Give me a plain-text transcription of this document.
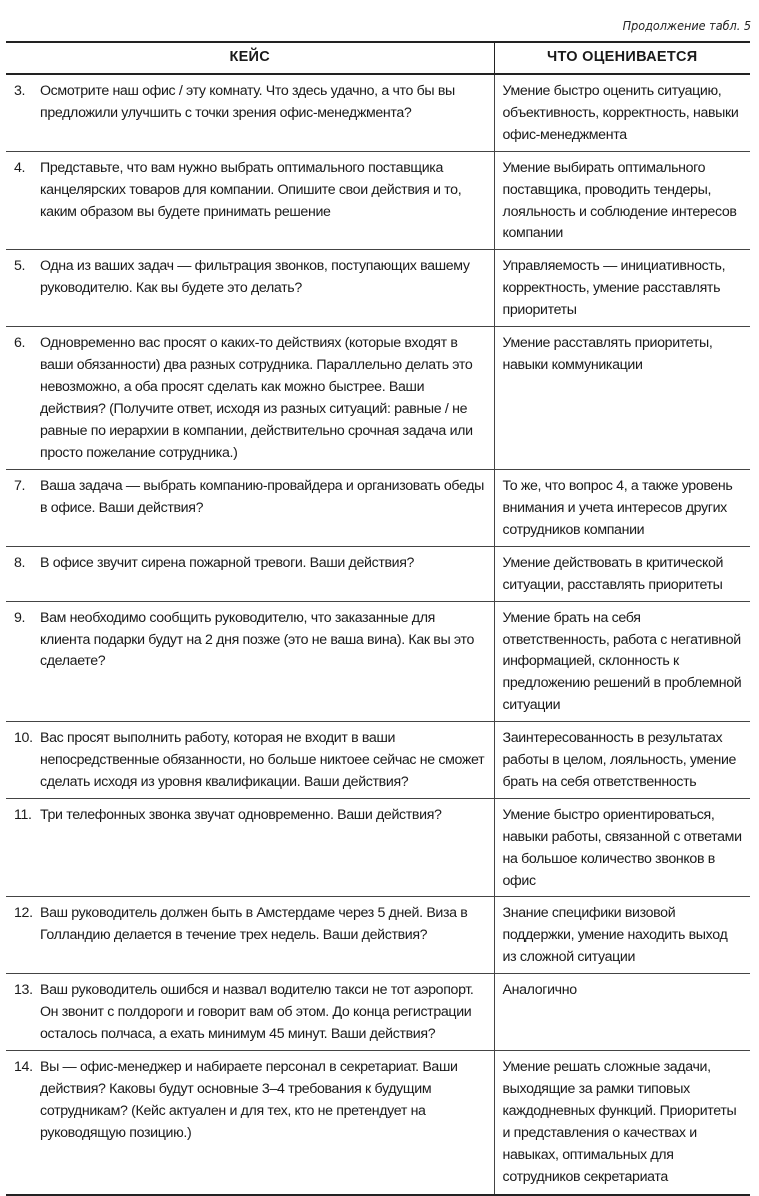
Продолжение табл. 5
КЕЙС	ЧТО ОЦЕНИВАЕТСЯ

3. Осмотрите наш офис / эту комнату. Что здесь удачно, а что бы вы предложили улучшить с точки зрения офис-менеджмента?	Умение быстро оценить ситуацию, объективность, корректность, навыки офис-менеджмента

4. Представьте, что вам нужно выбрать оптимального поставщика канцелярских товаров для компании. Опишите свои действия и то, каким образом вы будете принимать решение	Умение выбирать оптимального поставщика, проводить тендеры, лояльность и соблюдение интересов компании

5. Одна из ваших задач — фильтрация звонков, поступающих вашему руководителю. Как вы будете это делать?	Управляемость — инициативность, корректность, умение расставлять приоритеты

6. Одновременно вас просят о каких-то действиях (которые входят в ваши обязанности) два разных сотрудника. Параллельно делать это невозможно, а оба просят сделать как можно быстрее. Ваши действия? (Получите ответ, исходя из разных ситуаций: равные / не равные по иерархии в компании, действительно срочная задача или просто пожелание сотрудника.)	Умение расставлять приоритеты, навыки коммуникации

7. Ваша задача — выбрать компанию-провайдера и организовать обеды в офисе. Ваши действия?	То же, что вопрос 4, а также уровень внимания и учета интересов других сотрудников компании

8. В офисе звучит сирена пожарной тревоги. Ваши действия?	Умение действовать в критической ситуации, расставлять приоритеты

9. Вам необходимо сообщить руководителю, что заказанные для клиента подарки будут на 2 дня позже (это не ваша вина). Как вы это сделаете?	Умение брать на себя ответственность, работа с негативной информацией, склонность к предложению решений в проблемной ситуации

10. Вас просят выполнить работу, которая не входит в ваши непосредственные обязанности, но больше никтоее сейчас не сможет сделать исходя из уровня квалификации. Ваши действия?	Заинтересованность в результатах работы в целом, лояльность, умение брать на себя ответственность

11. Три телефонных звонка звучат одновременно. Ваши действия?	Умение быстро ориентироваться, навыки работы, связанной с ответами на большое количество звонков в офис

12. Ваш руководитель должен быть в Амстердаме через 5 дней. Виза в Голландию делается в течение трех недель. Ваши действия?	Знание специфики визовой поддержки, умение находить выход из сложной ситуации

13. Ваш руководитель ошибся и назвал водителю такси не тот аэропорт. Он звонит с полдороги и говорит вам об этом. До конца регистрации осталось полчаса, а ехать минимум 45 минут. Ваши действия?	Аналогично

14. Вы — офис-менеджер и набираете персонал в секретариат. Ваши действия? Каковы будут основные 3–4 требования к будущим сотрудникам? (Кейс актуален и для тех, кто не претендует на руководящую позицию.)	Умение решать сложные задачи, выходящие за рамки типовых каждодневных функций. Приоритеты и представления о качествах и навыках, оптимальных для сотрудников секретариата
